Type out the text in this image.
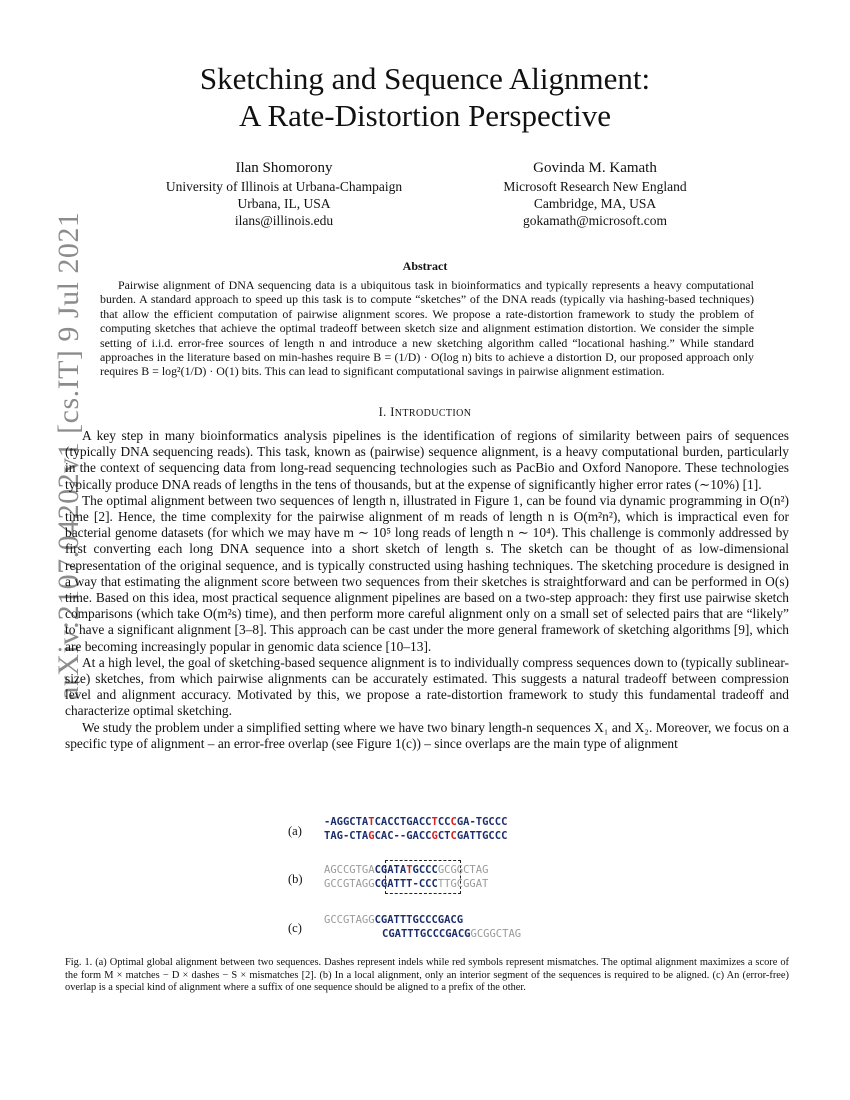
arXiv:2107.04202v1 [cs.IT] 9 Jul 2021
Sketching and Sequence Alignment:
A Rate-Distortion Perspective
Ilan Shomorony
University of Illinois at Urbana-Champaign
Urbana, IL, USA
ilans@illinois.edu
Govinda M. Kamath
Microsoft Research New England
Cambridge, MA, USA
gokamath@microsoft.com
Abstract

Pairwise alignment of DNA sequencing data is a ubiquitous task in bioinformatics and typically represents a heavy computational burden. A standard approach to speed up this task is to compute “sketches” of the DNA reads (typically via hashing-based techniques) that allow the efficient computation of pairwise alignment scores. We propose a rate-distortion framework to study the problem of computing sketches that achieve the optimal tradeoff between sketch size and alignment estimation distortion. We consider the simple setting of i.i.d. error-free sources of length n and introduce a new sketching algorithm called “locational hashing.” While standard approaches in the literature based on min-hashes require B = (1/D) · O(log n) bits to achieve a distortion D, our proposed approach only requires B = log²(1/D) · O(1) bits. This can lead to significant computational savings in pairwise alignment estimation.

I. INTRODUCTION

A key step in many bioinformatics analysis pipelines is the identification of regions of similarity between pairs of sequences (typically DNA sequencing reads). This task, known as (pairwise) sequence alignment, is a heavy computational burden, particularly in the context of sequencing data from long-read sequencing technologies such as PacBio and Oxford Nanopore. These technologies typically produce DNA reads of lengths in the tens of thousands, but at the expense of significantly higher error rates (∼10%) [1].

The optimal alignment between two sequences of length n, illustrated in Figure 1, can be found via dynamic programming in O(n²) time [2]. Hence, the time complexity for the pairwise alignment of m reads of length n is O(m²n²), which is impractical even for bacterial genome datasets (for which we may have m ∼ 10⁵ long reads of length n ∼ 10⁴). This challenge is commonly addressed by first converting each long DNA sequence into a short sketch of length s. The sketch can be thought of as low-dimensional representation of the original sequence, and is typically constructed using hashing techniques. The sketching procedure is designed in a way that estimating the alignment score between two sequences from their sketches is straightforward and can be performed in O(s) time. Based on this idea, most practical sequence alignment pipelines are based on a two-step approach: they first use pairwise sketch comparisons (which take O(m²s) time), and then perform more careful alignment only on a small set of selected pairs that are “likely” to have a significant alignment [3–8]. This approach can be cast under the more general framework of sketching algorithms [9], which are becoming increasingly popular in genomic data science [10–13].

At a high level, the goal of sketching-based sequence alignment is to individually compress sequences down to (typically sublinear-size) sketches, from which pairwise alignments can be accurately estimated. This suggests a natural tradeoff between compression level and alignment accuracy. Motivated by this, we propose a rate-distortion framework to study this fundamental tradeoff and characterize optimal sketching.

We study the problem under a simplified setting where we have two binary length-n sequences X₁ and X₂. Moreover, we focus on a specific type of alignment – an error-free overlap (see Figure 1(c)) – since overlaps are the main type of alignment

(a)
-AGGCTATCACCTGACCTCCCGA-TGCCC
TAG-CTAGCAC--GACCGCTCGATTGCCC
(b)
AGCCGTGACGATATGCCCGCGGCTAG
GCCGTAGGCGATTT-CCCTTGCGGAT
(c)
GCCGTAGGCGATTTGCCCGACG
CGATTTGCCCGACGGCGGCTAG

Fig. 1. (a) Optimal global alignment between two sequences. Dashes represent indels while red symbols represent mismatches. The optimal alignment maximizes a score of the form M × matches − D × dashes − S × mismatches [2]. (b) In a local alignment, only an interior segment of the sequences is required to be aligned. (c) An (error-free) overlap is a special kind of alignment where a suffix of one sequence should be aligned to a prefix of the other.
